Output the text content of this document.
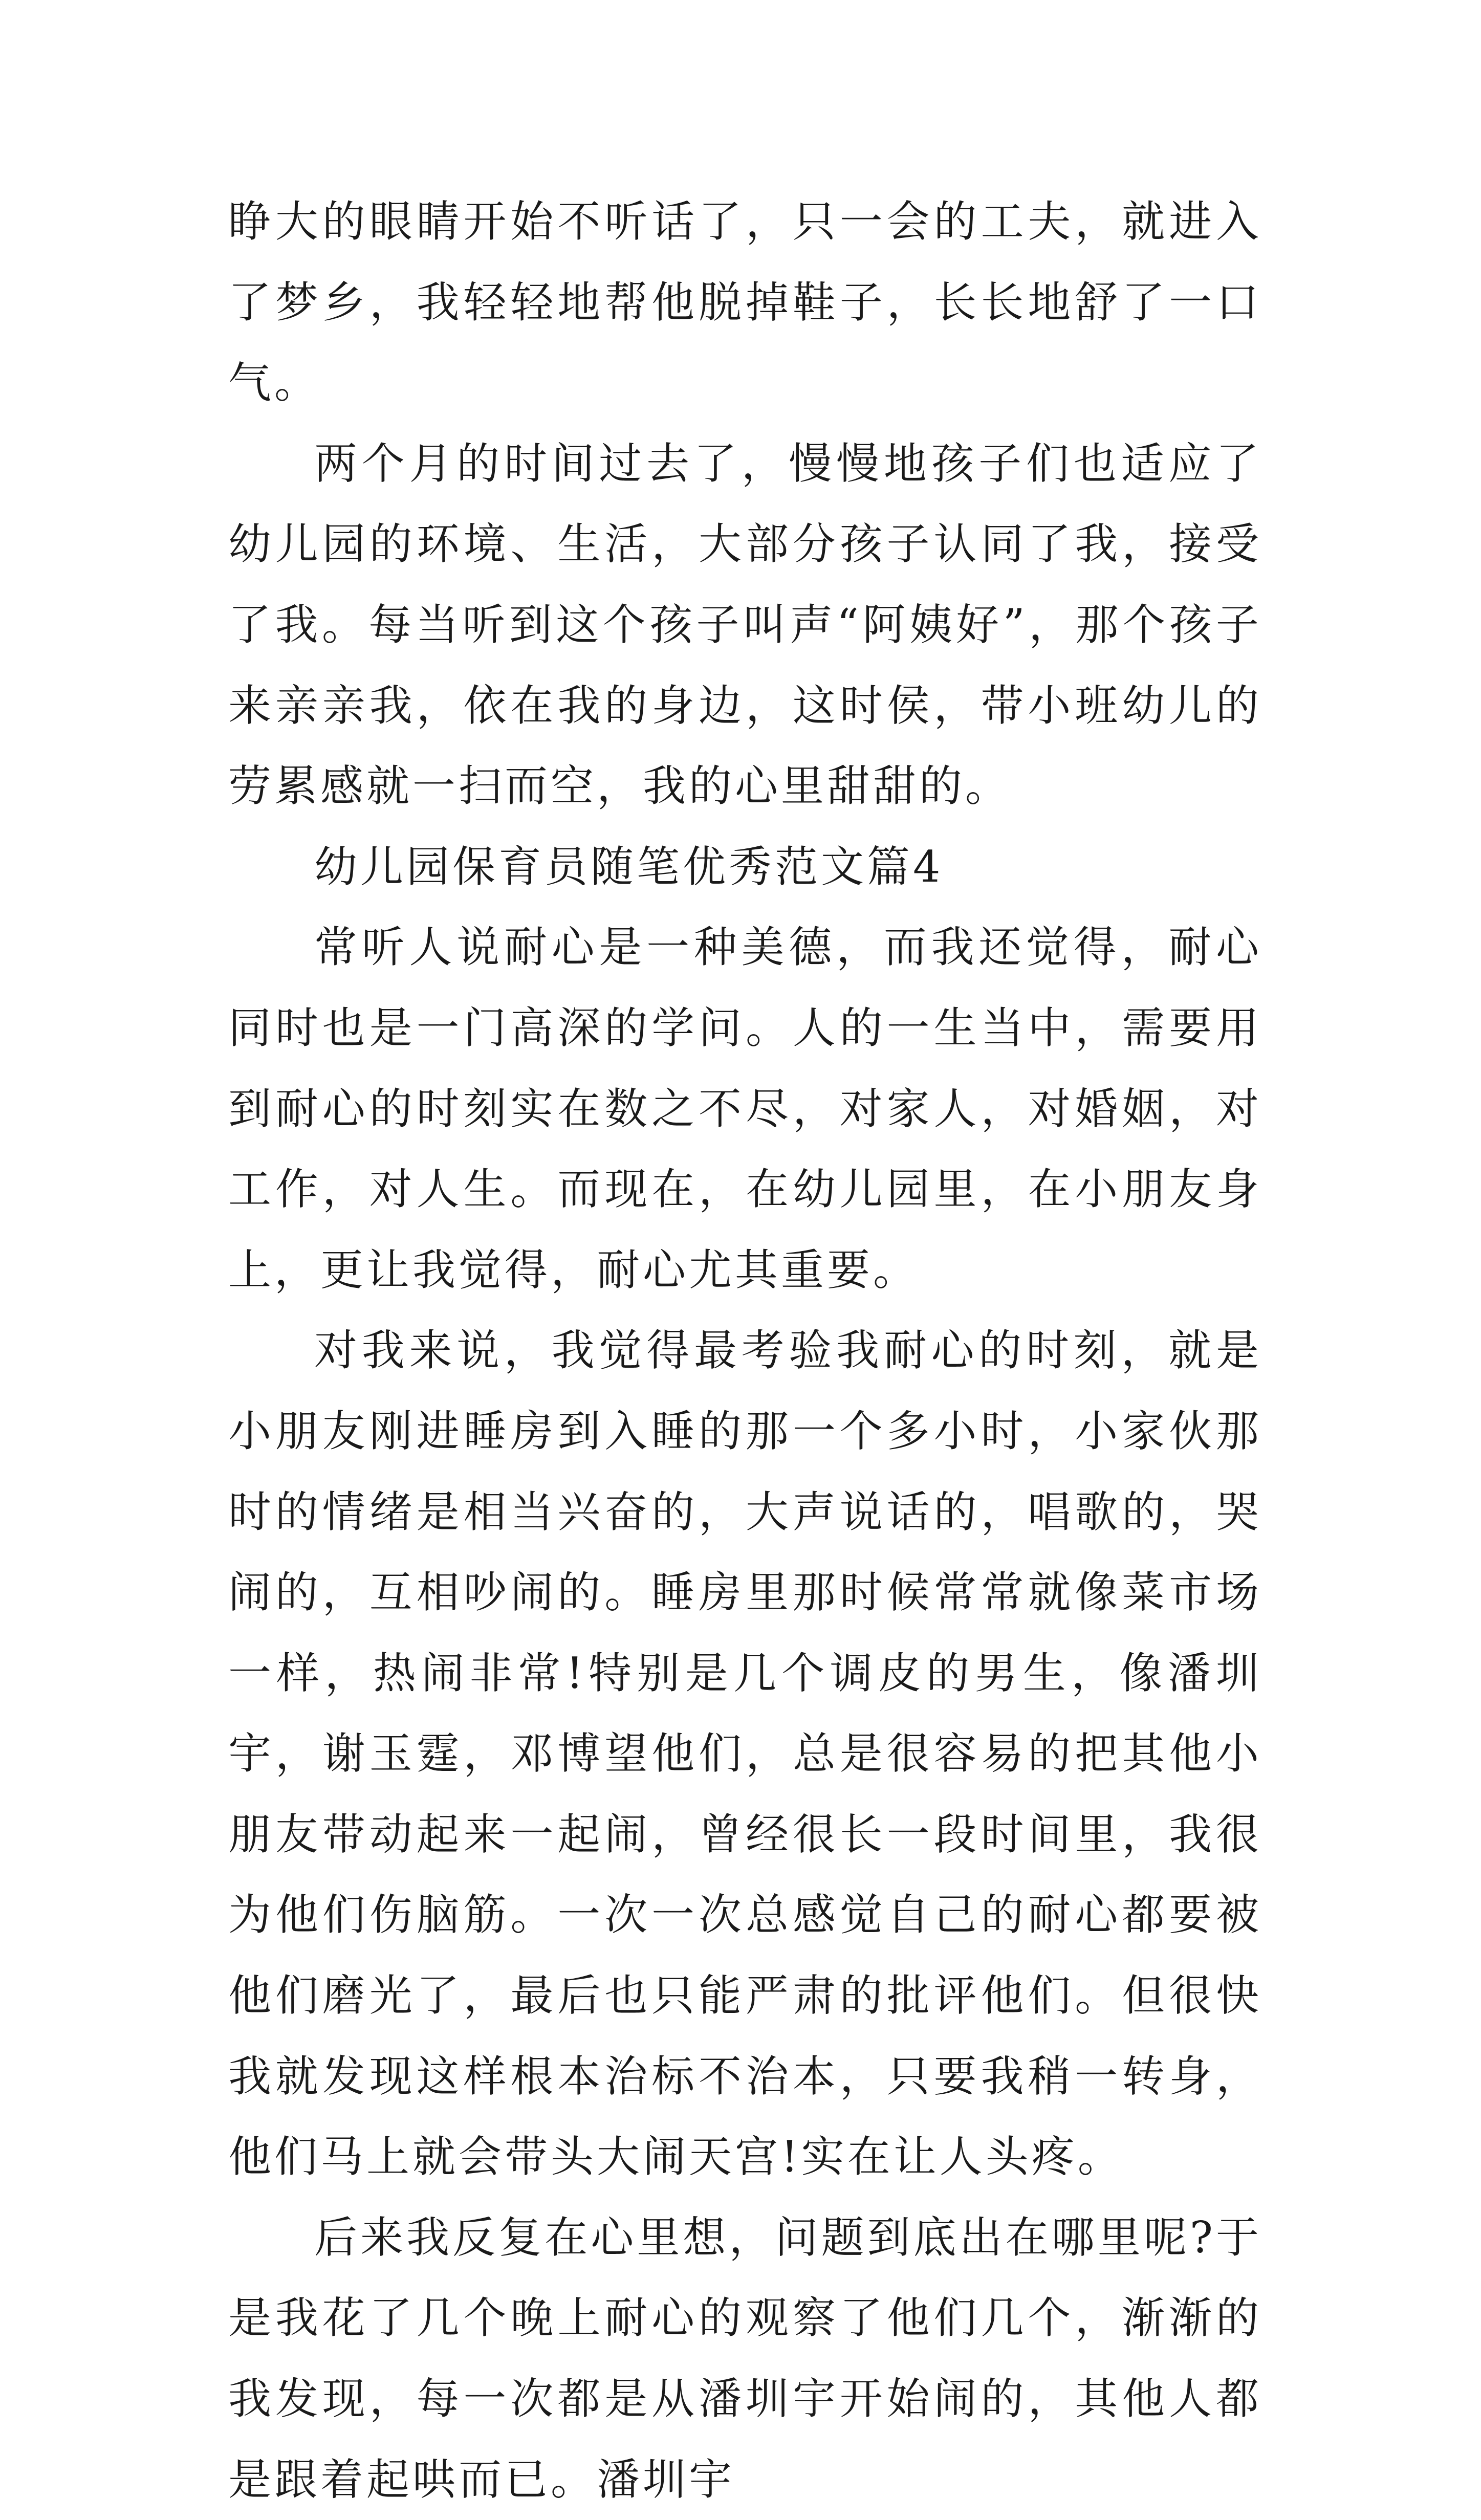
睁大的眼睛开始不听话了，只一会的工夫，就进入了梦乡，我轻轻地帮他脱掉鞋子，长长地舒了一口气。

两个月的时间过去了，慢慢地孩子们也适应了幼儿园的环境、生活，大部分孩子认同了我，接受了我。每当听到这个孩子叫声“阿姨好”，那个孩子来亲亲我，依在我的身边，这时侯，带小班幼儿的劳累感就一扫而空，我的心里甜甜的。

幼儿园保育员随笔优秀范文篇4

常听人说耐心是一种美德，而我还觉得，耐心同时也是一门高深的学问。人的一生当中，需要用到耐心的时刻实在数之不尽，对家人，对婚姻，对工作，对人生。而现在，在幼儿园里，在小朋友身上，更让我觉得，耐心尤其重要。

对我来说，我觉得最考验我耐心的时刻，就是小朋友刚进睡房到入睡的那一个多小时，小家伙那时的情绪是相当兴奋的，大声说话的，唱歌的，哭闹的，互相吵闹的。睡房里那时候常常就像菜市场一样，热闹非常!特别是几个调皮的男生，像潘圳宇，谢玉霆，邓博望他们，总是很容易的把其他小朋友带动起来一起闹，曾经很长一段时间里，我很为他们伤脑筋。一次一次总感觉自己的耐心都要被他们磨光了，最后也只能严肃的批评他们。但很快我就发现这样根本治标不治本，只要我稍一转身，他们马上就会带头大闹天宫!实在让人头疼。

后来我反复在心里想，问题到底出在哪里呢?于是我花了几个晚上耐心的观察了他们几个，渐渐的我发现，每一次都是从潘圳宇开始闹的，其他人都是跟着起哄而已。潘圳宇
